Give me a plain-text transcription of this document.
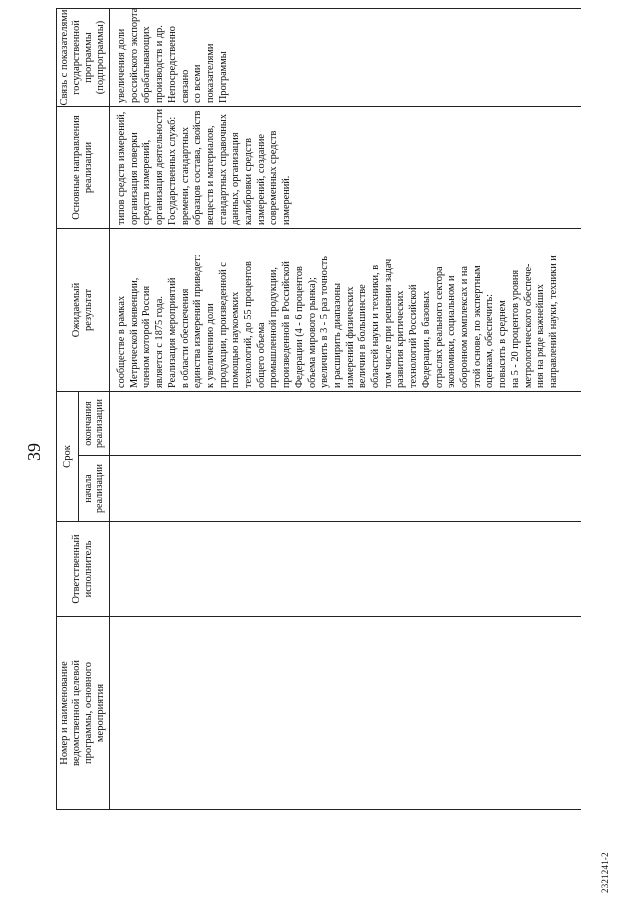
39
Номер и наименование
ведомственной целевой
программы, основного
мероприятия
Ответственный
исполнитель
Срок
начала
реализации
окончания
реализации
Ожидаемый
результат
Основные направления
реализации
Связь с показателями
государственной
программы
(подпрограммы)
сообществе в рамках
Метрической конвенции,
членом которой Россия
является с 1875 года.
Реализация мероприятий
в области обеспечения
единства измерений приведет:
к увеличению доли
продукции, произведенной с
помощью наукоемких
технологий, до 55 процентов
общего объема
промышленной продукции,
произведенной в Российской
Федерации (4 - 6 процентов
объема мирового рынка);
увеличить в 3 - 5 раз точность
и расширить диапазоны
измерений физических
величин в большинстве
областей науки и техники, в
том числе при решении задач
развития критических
технологий Российской
Федерации, в базовых
отраслях реального сектора
экономики, социальном и
оборонном комплексах и на
этой основе, по экспертным
оценкам, обеспечить:
повысить в среднем
на 5 - 20 процентов уровня
метрологического обеспече-
ния на ряде важнейших
направлений науки, техники и
типов средств измерений,
организация поверки
средств измерений,
организация деятельности
Государственных служб:
времени, стандартных
образцов состава, свойств
веществ и материалов,
стандартных справочных
данных, организация
калибровки средств
измерений, создание
современных средств
измерений.
увеличения доли
российского экспорта
обрабатывающих
производств и др.
Непосредственно связано
со всеми показателями
Программы
2321241-2
